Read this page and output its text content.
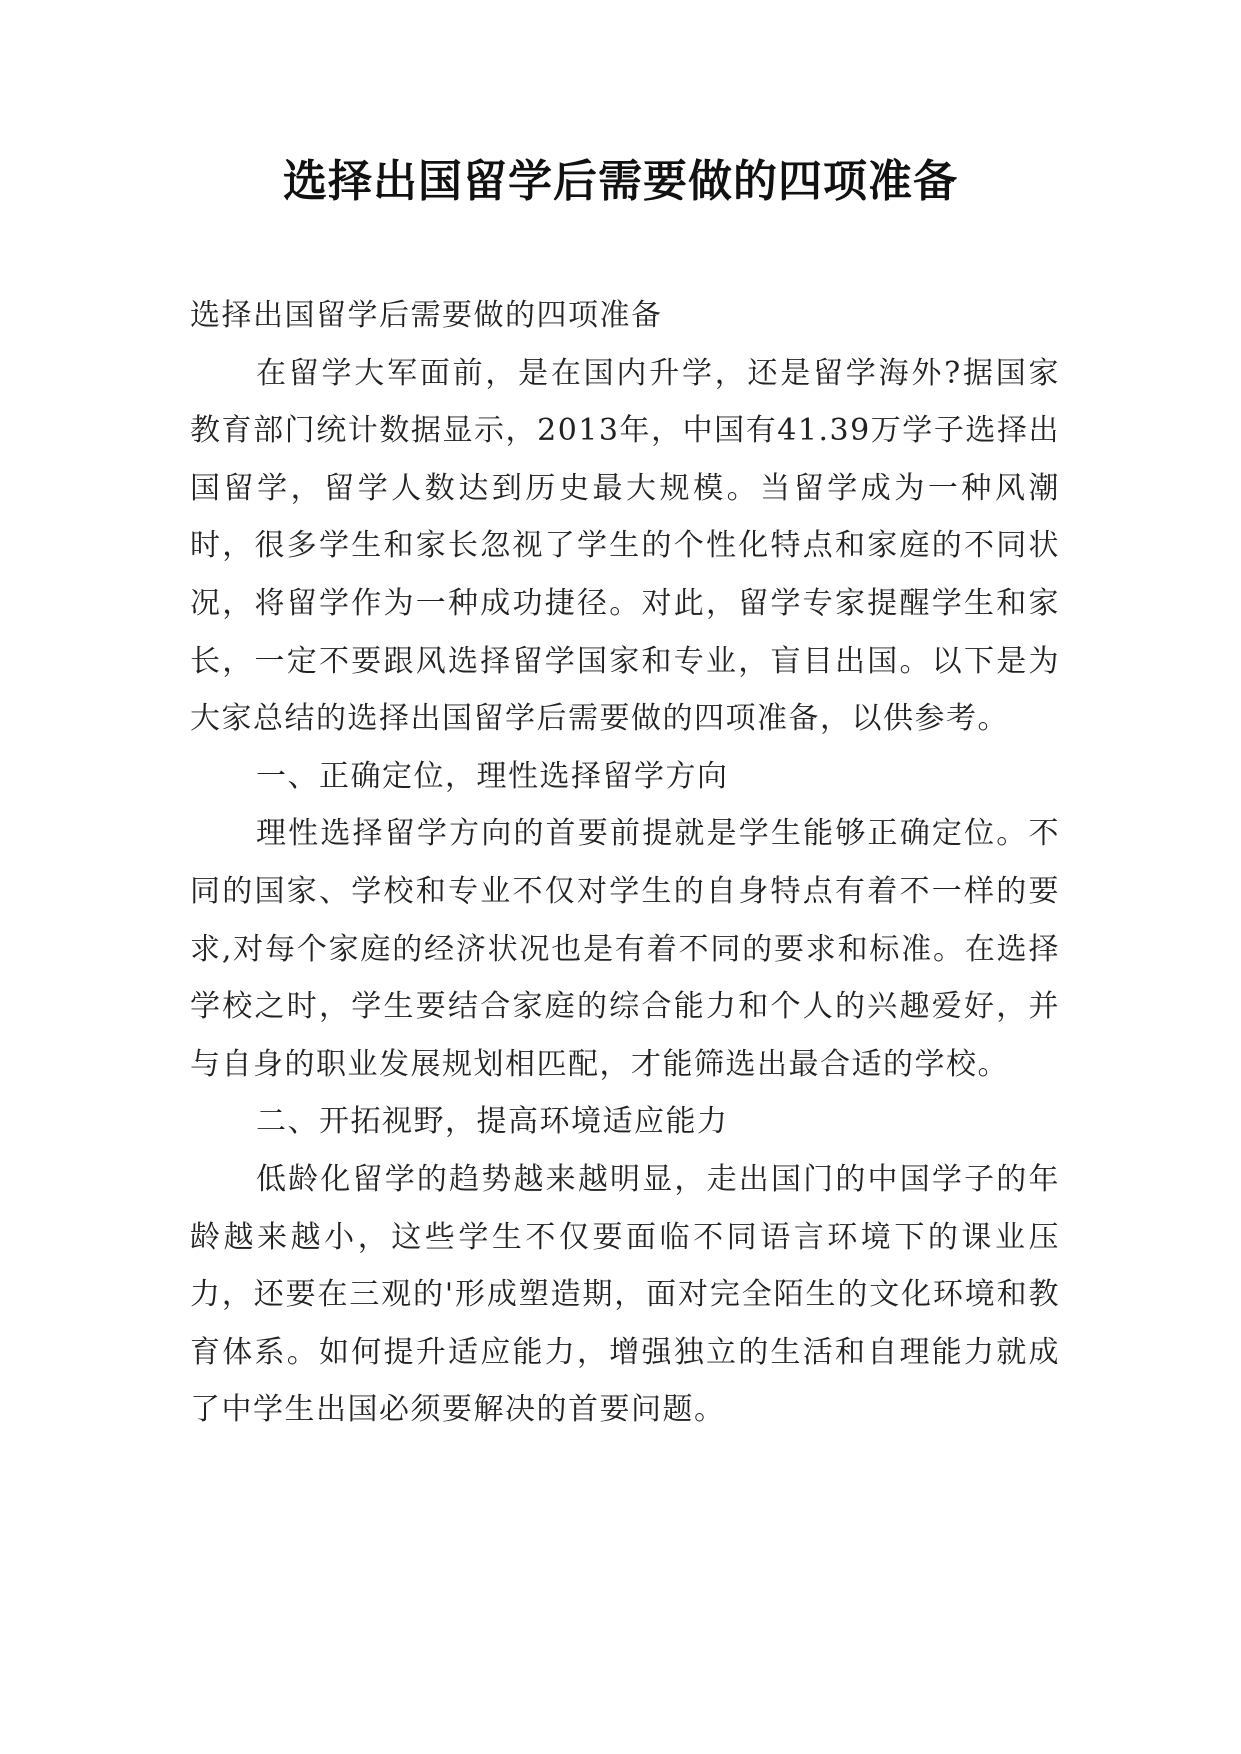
选择出国留学后需要做的四项准备

选择出国留学后需要做的四项准备

在留学大军面前，是在国内升学，还是留学海外?据国家教育部门统计数据显示，2013年，中国有41.39万学子选择出国留学，留学人数达到历史最大规模。当留学成为一种风潮时，很多学生和家长忽视了学生的个性化特点和家庭的不同状况，将留学作为一种成功捷径。对此，留学专家提醒学生和家长，一定不要跟风选择留学国家和专业，盲目出国。以下是为大家总结的选择出国留学后需要做的四项准备，以供参考。

一、正确定位，理性选择留学方向

理性选择留学方向的首要前提就是学生能够正确定位。不同的国家、学校和专业不仅对学生的自身特点有着不一样的要求,对每个家庭的经济状况也是有着不同的要求和标准。在选择学校之时，学生要结合家庭的综合能力和个人的兴趣爱好，并与自身的职业发展规划相匹配，才能筛选出最合适的学校。

二、开拓视野，提高环境适应能力

低龄化留学的趋势越来越明显，走出国门的中国学子的年龄越来越小，这些学生不仅要面临不同语言环境下的课业压力，还要在三观的'形成塑造期，面对完全陌生的文化环境和教育体系。如何提升适应能力，增强独立的生活和自理能力就成了中学生出国必须要解决的首要问题。
